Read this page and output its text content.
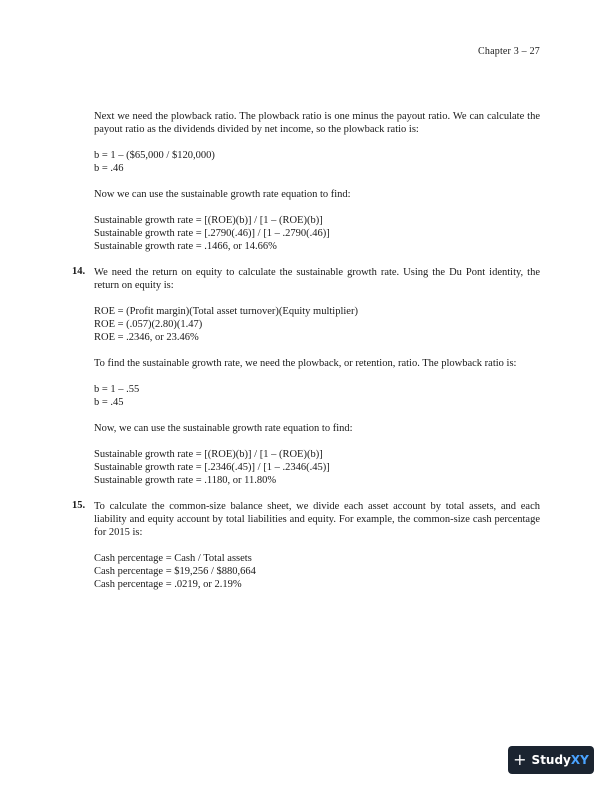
Chapter 3 – 27

Next we need the plowback ratio. The plowback ratio is one minus the payout ratio. We can calculate the payout ratio as the dividends divided by net income, so the plowback ratio is:

b = 1 – ($65,000 / $120,000)
b = .46

Now we can use the sustainable growth rate equation to find:

Sustainable growth rate = [(ROE)(b)] / [1 – (ROE)(b)]
Sustainable growth rate = [.2790(.46)] / [1 – .2790(.46)]
Sustainable growth rate = .1466, or 14.66%
14. We need the return on equity to calculate the sustainable growth rate. Using the Du Pont identity, the return on equity is:

ROE = (Profit margin)(Total asset turnover)(Equity multiplier)
ROE = (.057)(2.80)(1.47)
ROE = .2346, or 23.46%

To find the sustainable growth rate, we need the plowback, or retention, ratio. The plowback ratio is:

b = 1 – .55
b = .45

Now, we can use the sustainable growth rate equation to find:

Sustainable growth rate = [(ROE)(b)] / [1 – (ROE)(b)]
Sustainable growth rate = [.2346(.45)] / [1 – .2346(.45)]
Sustainable growth rate = .1180, or 11.80%
15. To calculate the common-size balance sheet, we divide each asset account by total assets, and each liability and equity account by total liabilities and equity. For example, the common-size cash percentage for 2015 is:

Cash percentage = Cash / Total assets
Cash percentage = $19,256 / $880,664
Cash percentage = .0219, or 2.19%
+ StudyXY
